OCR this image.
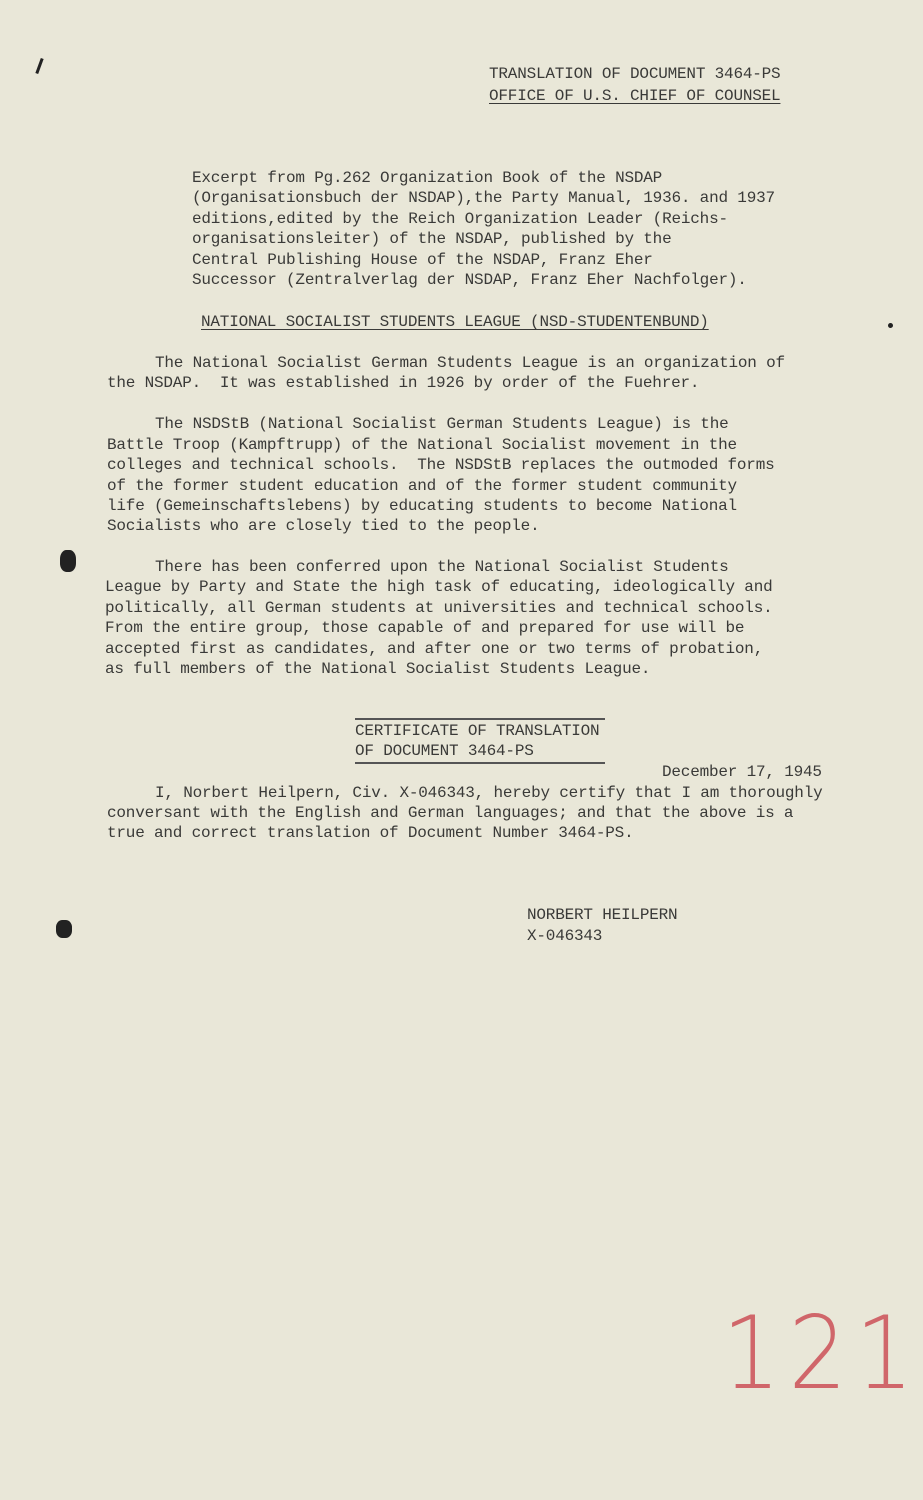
TRANSLATION OF DOCUMENT 3464-PS
OFFICE OF U.S. CHIEF OF COUNSEL
Excerpt from Pg.262 Organization Book of the NSDAP
(Organisationsbuch der NSDAP),the Party Manual, 1936. and 1937
editions,edited by the Reich Organization Leader (Reichs-
organisationsleiter) of the NSDAP, published by the
Central Publishing House of the NSDAP, Franz Eher
Successor (Zentralverlag der NSDAP, Franz Eher Nachfolger).
NATIONAL SOCIALIST STUDENTS LEAGUE (NSD-STUDENTENBUND)
The National Socialist German Students League is an organization of
the NSDAP.  It was established in 1926 by order of the Fuehrer.
The NSDStB (National Socialist German Students League) is the
Battle Troop (Kampftrupp) of the National Socialist movement in the
colleges and technical schools.  The NSDStB replaces the outmoded forms
of the former student education and of the former student community
life (Gemeinschaftslebens) by educating students to become National
Socialists who are closely tied to the people.
There has been conferred upon the National Socialist Students
League by Party and State the high task of educating, ideologically and
politically, all German students at universities and technical schools.
From the entire group, those capable of and prepared for use will be
accepted first as candidates, and after one or two terms of probation,
as full members of the National Socialist Students League.
CERTIFICATE OF TRANSLATION
OF DOCUMENT 3464-PS
December 17, 1945
I, Norbert Heilpern, Civ. X-046343, hereby certify that I am thoroughly
conversant with the English and German languages; and that the above is a
true and correct translation of Document Number 3464-PS.
NORBERT HEILPERN
X-046343
121
